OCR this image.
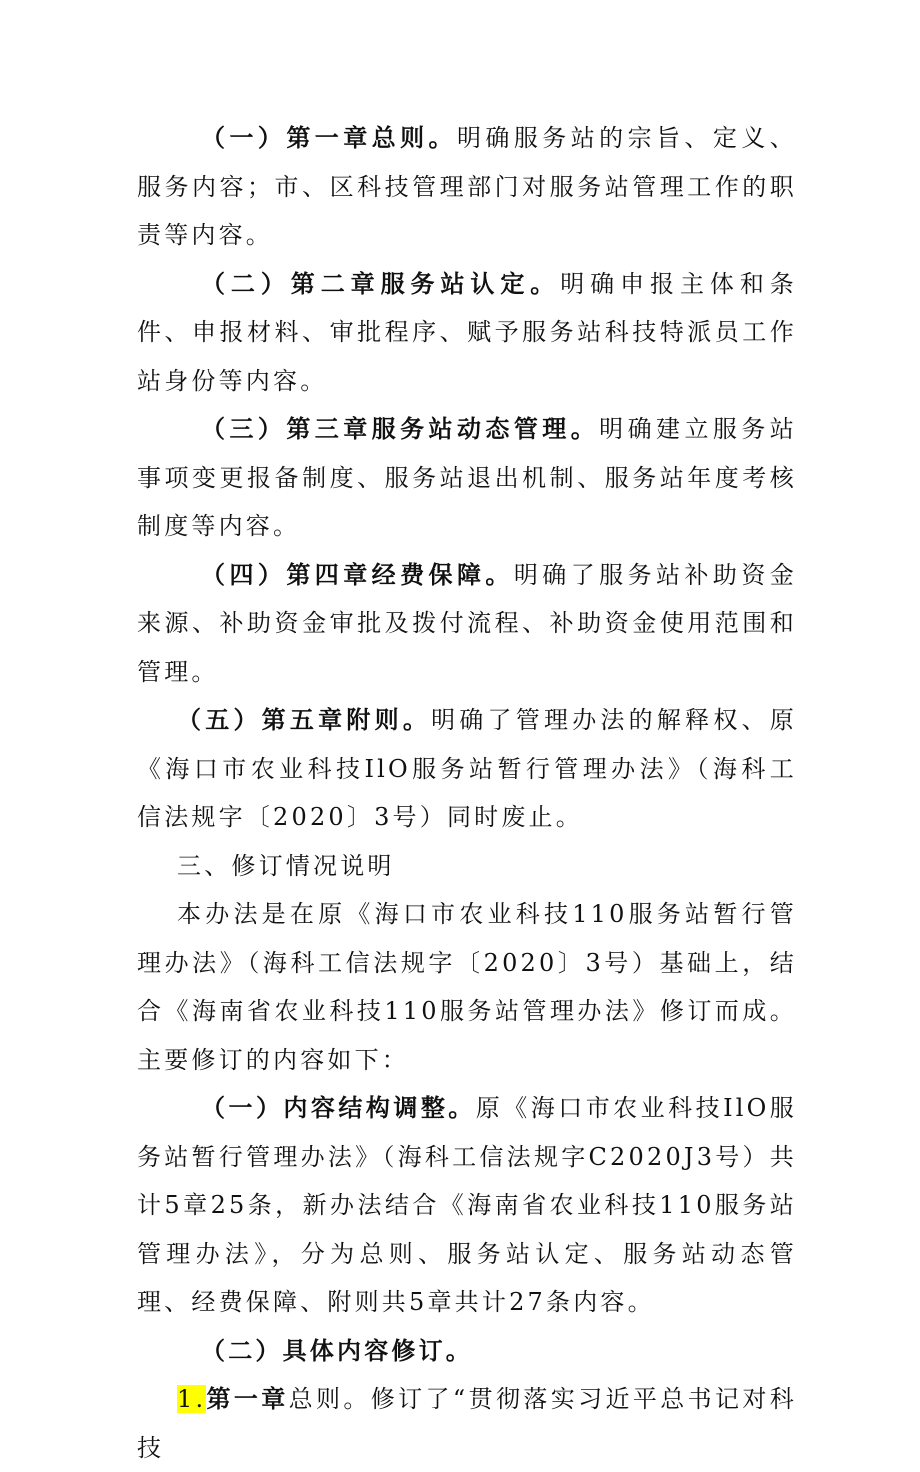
（一）第一章总则。明确服务站的宗旨、定义、服务内容；市、区科技管理部门对服务站管理工作的职责等内容。

（二）第二章服务站认定。明确申报主体和条件、申报材料、审批程序、赋予服务站科技特派员工作站身份等内容。

（三）第三章服务站动态管理。明确建立服务站事项变更报备制度、服务站退出机制、服务站年度考核制度等内容。

（四）第四章经费保障。明确了服务站补助资金来源、补助资金审批及拨付流程、补助资金使用范围和管理。

（五）第五章附则。明确了管理办法的解释权、原《海口市农业科技IlO服务站暂行管理办法》（海科工信法规字〔2020〕3号）同时废止。

三、修订情况说明

本办法是在原《海口市农业科技110服务站暂行管理办法》（海科工信法规字〔2020〕3号）基础上，结合《海南省农业科技110服务站管理办法》修订而成。主要修订的内容如下：

（一）内容结构调整。原《海口市农业科技IlO服务站暂行管理办法》（海科工信法规字C2020J3号）共计5章25条，新办法结合《海南省农业科技110服务站管理办法》，分为总则、服务站认定、服务站动态管理、经费保障、附则共5章共计27条内容。

（二）具体内容修订。

1.第一章总则。修订了“贯彻落实习近平总书记对科技
